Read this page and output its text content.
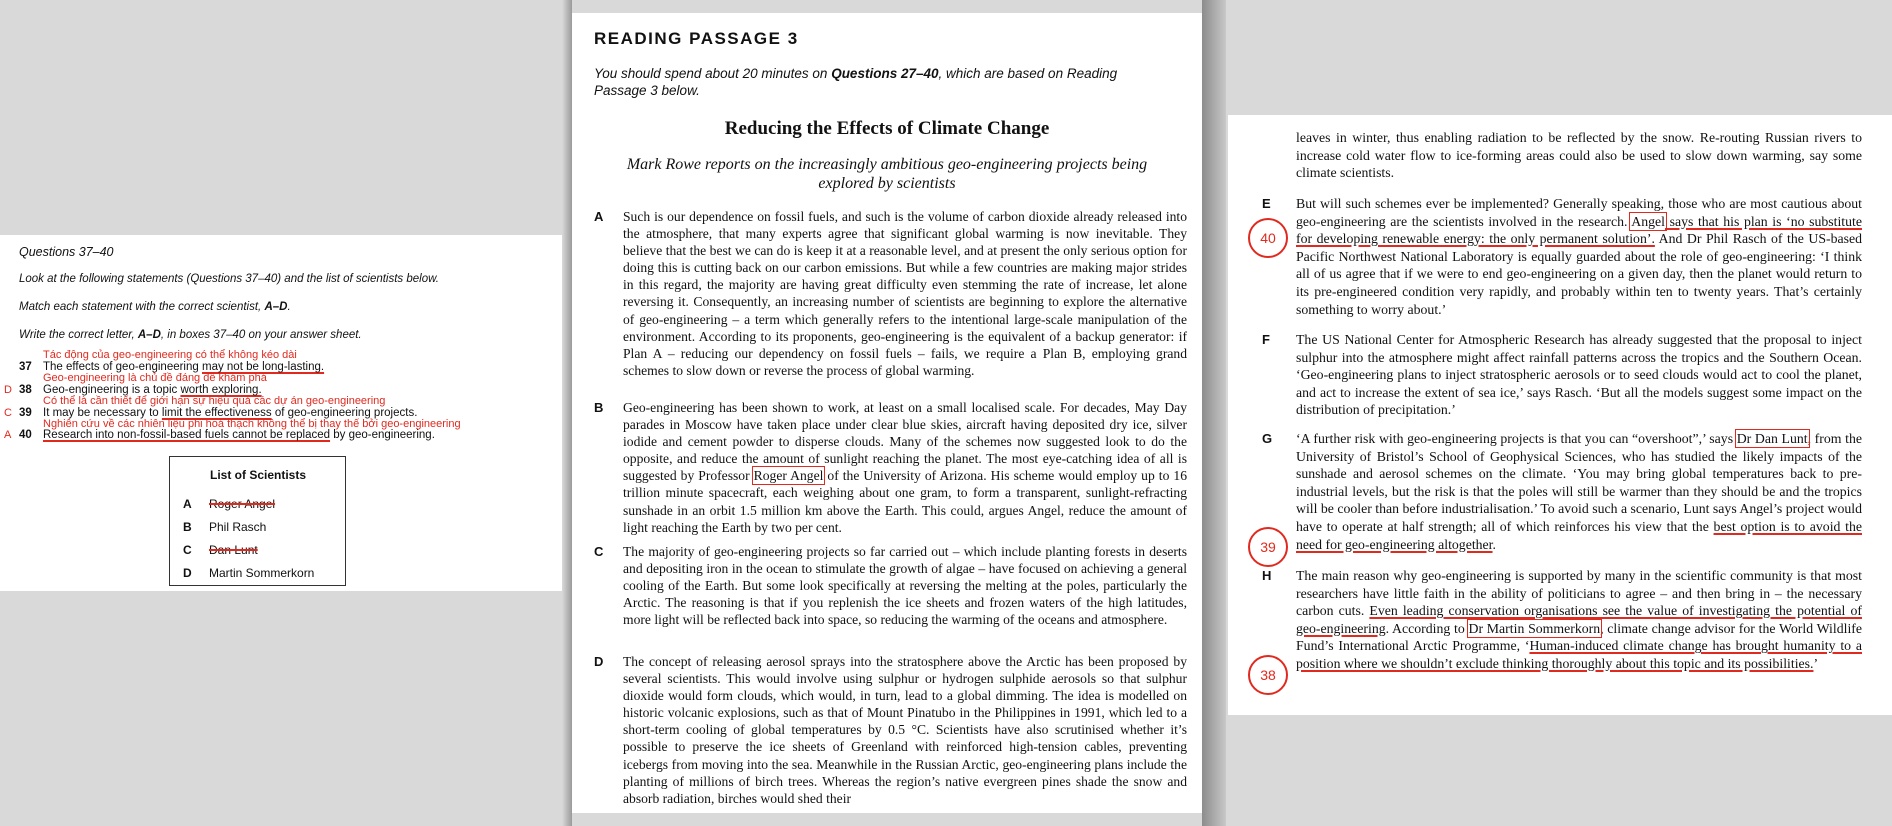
Questions 37–40
Look at the following statements (Questions 37–40) and the list of scientists below.
Match each statement with the correct scientist, A–D.
Write the correct letter, A–D, in boxes 37–40 on your answer sheet.
Tác động của geo-engineering có thể không kéo dài
37 The effects of geo-engineering may not be long-lasting.
Geo-engineering là chủ đề đáng để khám phá
D 38 Geo-engineering is a topic worth exploring.
Có thể là cần thiết để giới hạn sự hiệu quả các dự án geo-engineering
C 39 It may be necessary to limit the effectiveness of geo-engineering projects.
Nghiên cứu về các nhiên liệu phi hoá thạch không thể bị thay thế bởi geo-engineering
A 40 Research into non-fossil-based fuels cannot be replaced by geo-engineering.
List of Scientists
A Roger Angel
B Phil Rasch
C Dan Lunt
D Martin Sommerkorn
READING PASSAGE 3
You should spend about 20 minutes on Questions 27–40, which are based on Reading Passage 3 below.
Reducing the Effects of Climate Change
Mark Rowe reports on the increasingly ambitious geo-engineering projects being explored by scientists
A Such is our dependence on fossil fuels, and such is the volume of carbon dioxide already released into the atmosphere, that many experts agree that significant global warming is now inevitable. They believe that the best we can do is keep it at a reasonable level, and at present the only serious option for doing this is cutting back on our carbon emissions. But while a few countries are making major strides in this regard, the majority are having great difficulty even stemming the rate of increase, let alone reversing it. Consequently, an increasing number of scientists are beginning to explore the alternative of geo-engineering – a term which generally refers to the intentional large-scale manipulation of the environment. According to its proponents, geo-engineering is the equivalent of a backup generator: if Plan A – reducing our dependency on fossil fuels – fails, we require a Plan B, employing grand schemes to slow down or reverse the process of global warming.
B Geo-engineering has been shown to work, at least on a small localised scale. For decades, May Day parades in Moscow have taken place under clear blue skies, aircraft having deposited dry ice, silver iodide and cement powder to disperse clouds. Many of the schemes now suggested look to do the opposite, and reduce the amount of sunlight reaching the planet. The most eye-catching idea of all is suggested by Professor Roger Angel of the University of Arizona. His scheme would employ up to 16 trillion minute spacecraft, each weighing about one gram, to form a transparent, sunlight-refracting sunshade in an orbit 1.5 million km above the Earth. This could, argues Angel, reduce the amount of light reaching the Earth by two per cent.
C The majority of geo-engineering projects so far carried out – which include planting forests in deserts and depositing iron in the ocean to stimulate the growth of algae – have focused on achieving a general cooling of the Earth. But some look specifically at reversing the melting at the poles, particularly the Arctic. The reasoning is that if you replenish the ice sheets and frozen waters of the high latitudes, more light will be reflected back into space, so reducing the warming of the oceans and atmosphere.
D The concept of releasing aerosol sprays into the stratosphere above the Arctic has been proposed by several scientists. This would involve using sulphur or hydrogen sulphide aerosols so that sulphur dioxide would form clouds, which would, in turn, lead to a global dimming. The idea is modelled on historic volcanic explosions, such as that of Mount Pinatubo in the Philippines in 1991, which led to a short-term cooling of global temperatures by 0.5 °C. Scientists have also scrutinised whether it’s possible to preserve the ice sheets of Greenland with reinforced high-tension cables, preventing icebergs from moving into the sea. Meanwhile in the Russian Arctic, geo-engineering plans include the planting of millions of birch trees. Whereas the region’s native evergreen pines shade the snow and absorb radiation, birches would shed their
leaves in winter, thus enabling radiation to be reflected by the snow. Re-routing Russian rivers to increase cold water flow to ice-forming areas could also be used to slow down warming, say some climate scientists.
E But will such schemes ever be implemented? Generally speaking, those who are most cautious about geo-engineering are the scientists involved in the research. Angel says that his plan is ‘no substitute for developing renewable energy: the only permanent solution’. And Dr Phil Rasch of the US-based Pacific Northwest National Laboratory is equally guarded about the role of geo-engineering: ‘I think all of us agree that if we were to end geo-engineering on a given day, then the planet would return to its pre-engineered condition very rapidly, and probably within ten to twenty years. That’s certainly something to worry about.’
F The US National Center for Atmospheric Research has already suggested that the proposal to inject sulphur into the atmosphere might affect rainfall patterns across the tropics and the Southern Ocean. ‘Geo-engineering plans to inject stratospheric aerosols or to seed clouds would act to cool the planet, and act to increase the extent of sea ice,’ says Rasch. ‘But all the models suggest some impact on the distribution of precipitation.’
G ‘A further risk with geo-engineering projects is that you can “overshoot”,’ says Dr Dan Lunt, from the University of Bristol’s School of Geophysical Sciences, who has studied the likely impacts of the sunshade and aerosol schemes on the climate. ‘You may bring global temperatures back to pre-industrial levels, but the risk is that the poles will still be warmer than they should be and the tropics will be cooler than before industrialisation.’ To avoid such a scenario, Lunt says Angel’s project would have to operate at half strength; all of which reinforces his view that the best option is to avoid the need for geo-engineering altogether.
H The main reason why geo-engineering is supported by many in the scientific community is that most researchers have little faith in the ability of politicians to agree – and then bring in – the necessary carbon cuts. Even leading conservation organisations see the value of investigating the potential of geo-engineering. According to Dr Martin Sommerkorn, climate change advisor for the World Wildlife Fund’s International Arctic Programme, ‘Human-induced climate change has brought humanity to a position where we shouldn’t exclude thinking thoroughly about this topic and its possibilities.’
40
39
38
